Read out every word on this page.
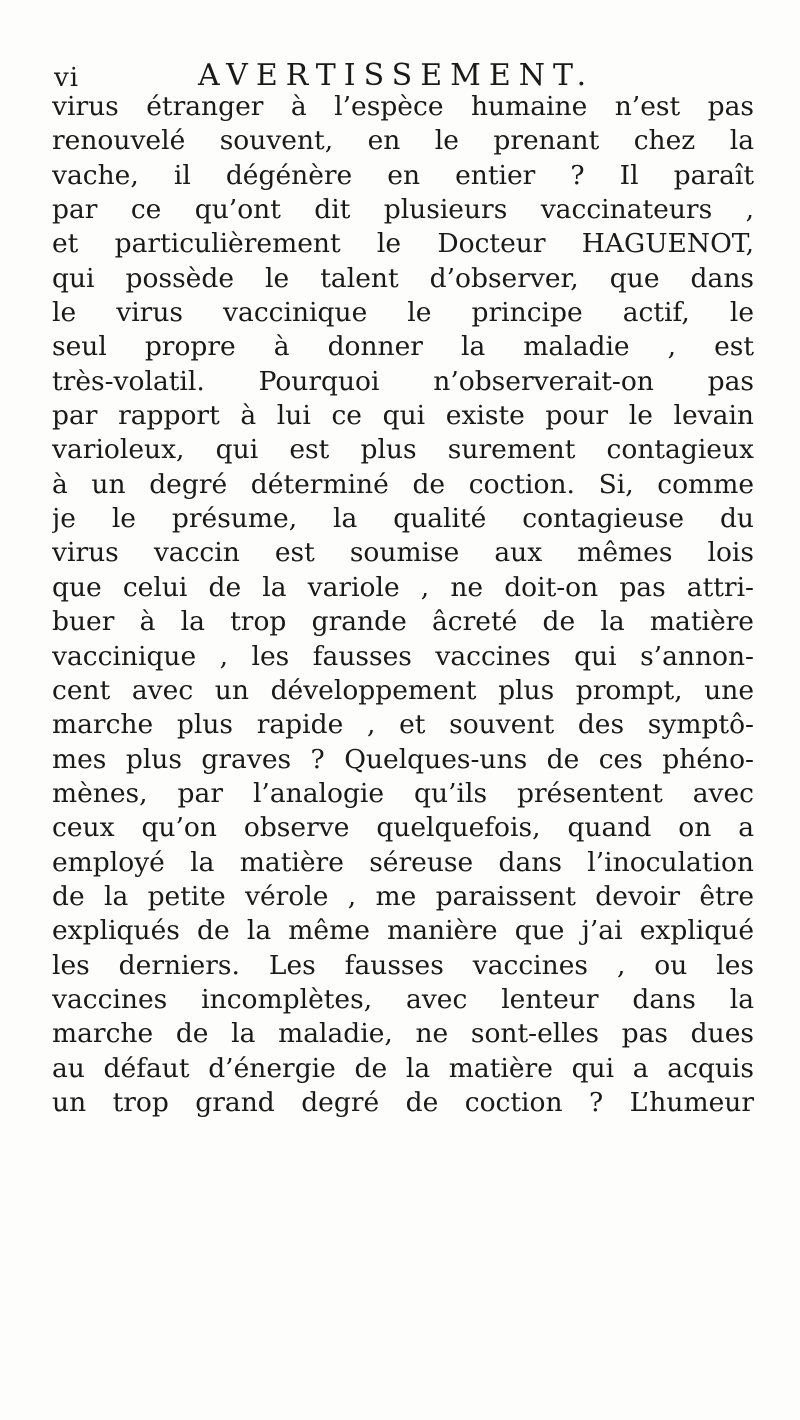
vi	AVERTISSEMENT.
virus étranger à l’espèce humaine n’est pas
renouvelé souvent, en le prenant chez la
vache, il dégénère en entier ? Il paraît
par ce qu’ont dit plusieurs vaccinateurs ,
et particulièrement le Docteur HAGUENOT,
qui possède le talent d’observer, que dans
le virus vaccinique le principe actif, le
seul propre à donner la maladie , est
très-volatil. Pourquoi n’observerait-on pas
par rapport à lui ce qui existe pour le levain
varioleux, qui est plus surement contagieux
à un degré déterminé de coction. Si, comme
je le présume, la qualité contagieuse du
virus vaccin est soumise aux mêmes lois
que celui de la variole , ne doit-on pas attri-
buer à la trop grande âcreté de la matière
vaccinique , les fausses vaccines qui s’annon-
cent avec un développement plus prompt, une
marche plus rapide , et souvent des symptô-
mes plus graves ? Quelques-uns de ces phéno-
mènes, par l’analogie qu’ils présentent avec
ceux qu’on observe quelquefois, quand on a
employé la matière séreuse dans l’inoculation
de la petite vérole , me paraissent devoir être
expliqués de la même manière que j’ai expliqué
les derniers. Les fausses vaccines , ou les
vaccines incomplètes, avec lenteur dans la
marche de la maladie, ne sont-elles pas dues
au défaut d’énergie de la matière qui a acquis
un trop grand degré de coction ? L’humeur
